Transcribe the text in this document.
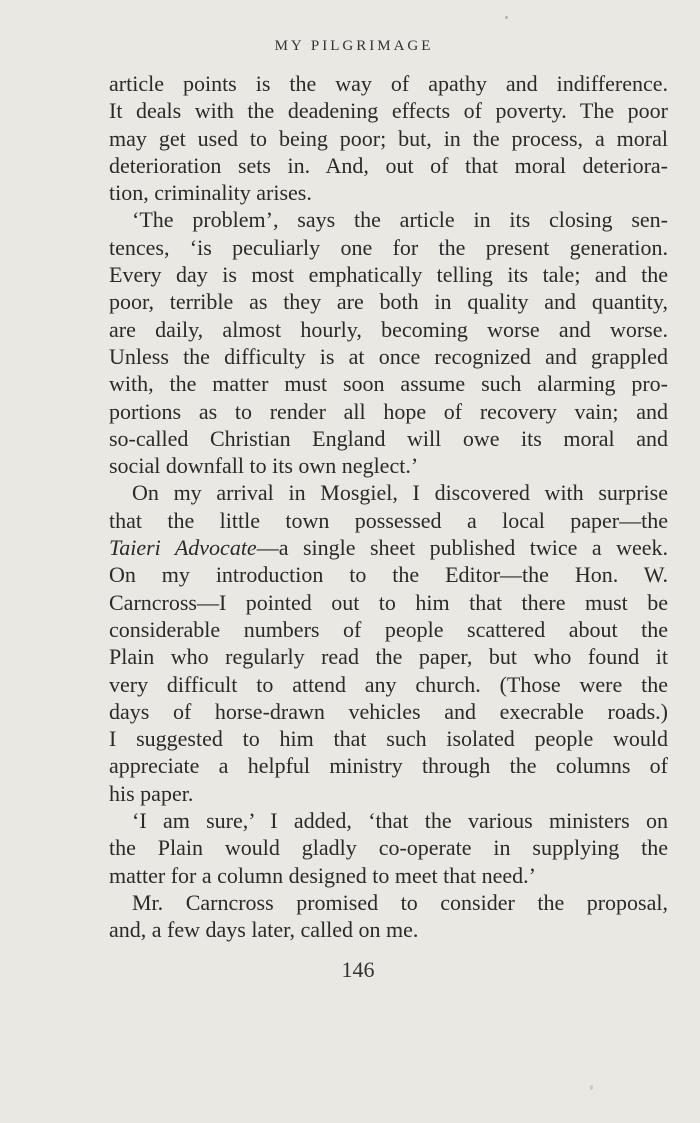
MY PILGRIMAGE
article points is the way of apathy and indifference.
It deals with the deadening effects of poverty. The poor
may get used to being poor; but, in the process, a moral
deterioration sets in. And, out of that moral deteriora-
tion, criminality arises.
‘The problem’, says the article in its closing sen-
tences, ‘is peculiarly one for the present generation.
Every day is most emphatically telling its tale; and the
poor, terrible as they are both in quality and quantity,
are daily, almost hourly, becoming worse and worse.
Unless the difficulty is at once recognized and grappled
with, the matter must soon assume such alarming pro-
portions as to render all hope of recovery vain; and
so-called Christian England will owe its moral and
social downfall to its own neglect.’
On my arrival in Mosgiel, I discovered with surprise
that the little town possessed a local paper—the
Taieri Advocate—a single sheet published twice a week.
On my introduction to the Editor—the Hon. W.
Carncross—I pointed out to him that there must be
considerable numbers of people scattered about the
Plain who regularly read the paper, but who found it
very difficult to attend any church. (Those were the
days of horse-drawn vehicles and execrable roads.)
I suggested to him that such isolated people would
appreciate a helpful ministry through the columns of
his paper.
‘I am sure,’ I added, ‘that the various ministers on
the Plain would gladly co-operate in supplying the
matter for a column designed to meet that need.’
Mr. Carncross promised to consider the proposal,
and, a few days later, called on me.
146
